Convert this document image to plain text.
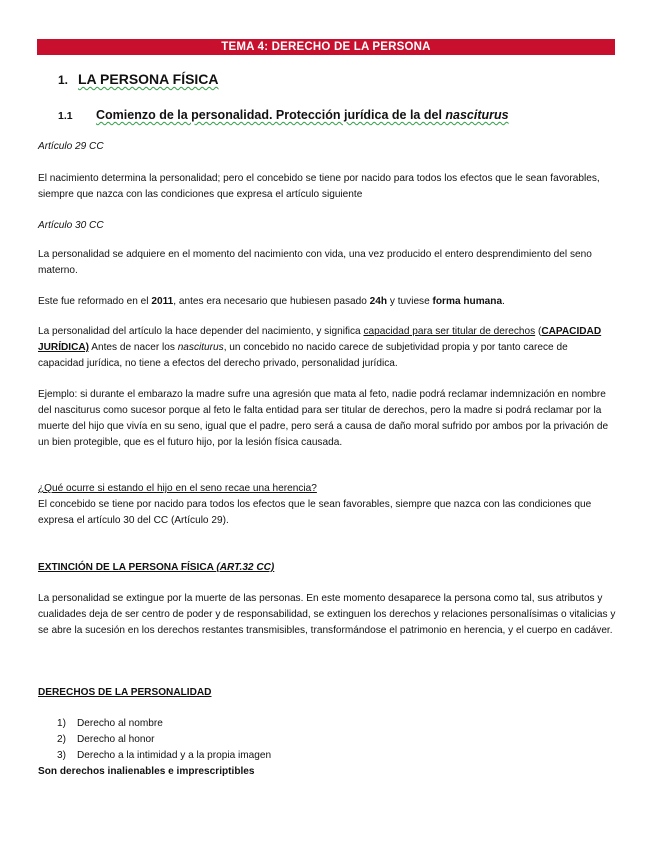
TEMA 4: DERECHO DE LA PERSONA
1. LA PERSONA FÍSICA
1.1 Comienzo de la personalidad. Protección jurídica de la del nasciturus
Artículo 29 CC
El nacimiento determina la personalidad; pero el concebido se tiene por nacido para todos los efectos que le sean favorables, siempre que nazca con las condiciones que expresa el artículo siguiente
Artículo 30 CC
La personalidad se adquiere en el momento del nacimiento con vida, una vez producido el entero desprendimiento del seno materno.
Este fue reformado en el 2011, antes era necesario que hubiesen pasado 24h y tuviese forma humana.
La personalidad del artículo la hace depender del nacimiento, y significa capacidad para ser titular de derechos (CAPACIDAD JURÍDICA) Antes de nacer los nasciturus, un concebido no nacido carece de subjetividad propia y por tanto carece de capacidad jurídica, no tiene a efectos del derecho privado, personalidad jurídica.
Ejemplo: si durante el embarazo la madre sufre una agresión que mata al feto, nadie podrá reclamar indemnización en nombre del nasciturus como sucesor porque al feto le falta entidad para ser titular de derechos, pero la madre si podrá reclamar por la muerte del hijo que vivía en su seno, igual que el padre, pero será a causa de daño moral sufrido por ambos por la privación de un bien protegible, que es el futuro hijo, por la lesión física causada.
¿Qué ocurre si estando el hijo en el seno recae una herencia?
El concebido se tiene por nacido para todos los efectos que le sean favorables, siempre que nazca con las condiciones que expresa el artículo 30 del CC (Artículo 29).
EXTINCIÓN DE LA PERSONA FÍSICA (ART.32 CC)
La personalidad se extingue por la muerte de las personas. En este momento desaparece la persona como tal, sus atributos y cualidades deja de ser centro de poder y de responsabilidad, se extinguen los derechos y relaciones personalísimas o vitalicias y se abre la sucesión en los derechos restantes transmisibles, transformándose el patrimonio en herencia, y el cuerpo en cadáver.
DERECHOS DE LA PERSONALIDAD
1) Derecho al nombre
2) Derecho al honor
3) Derecho a la intimidad y a la propia imagen
Son derechos inalienables e imprescriptibles
